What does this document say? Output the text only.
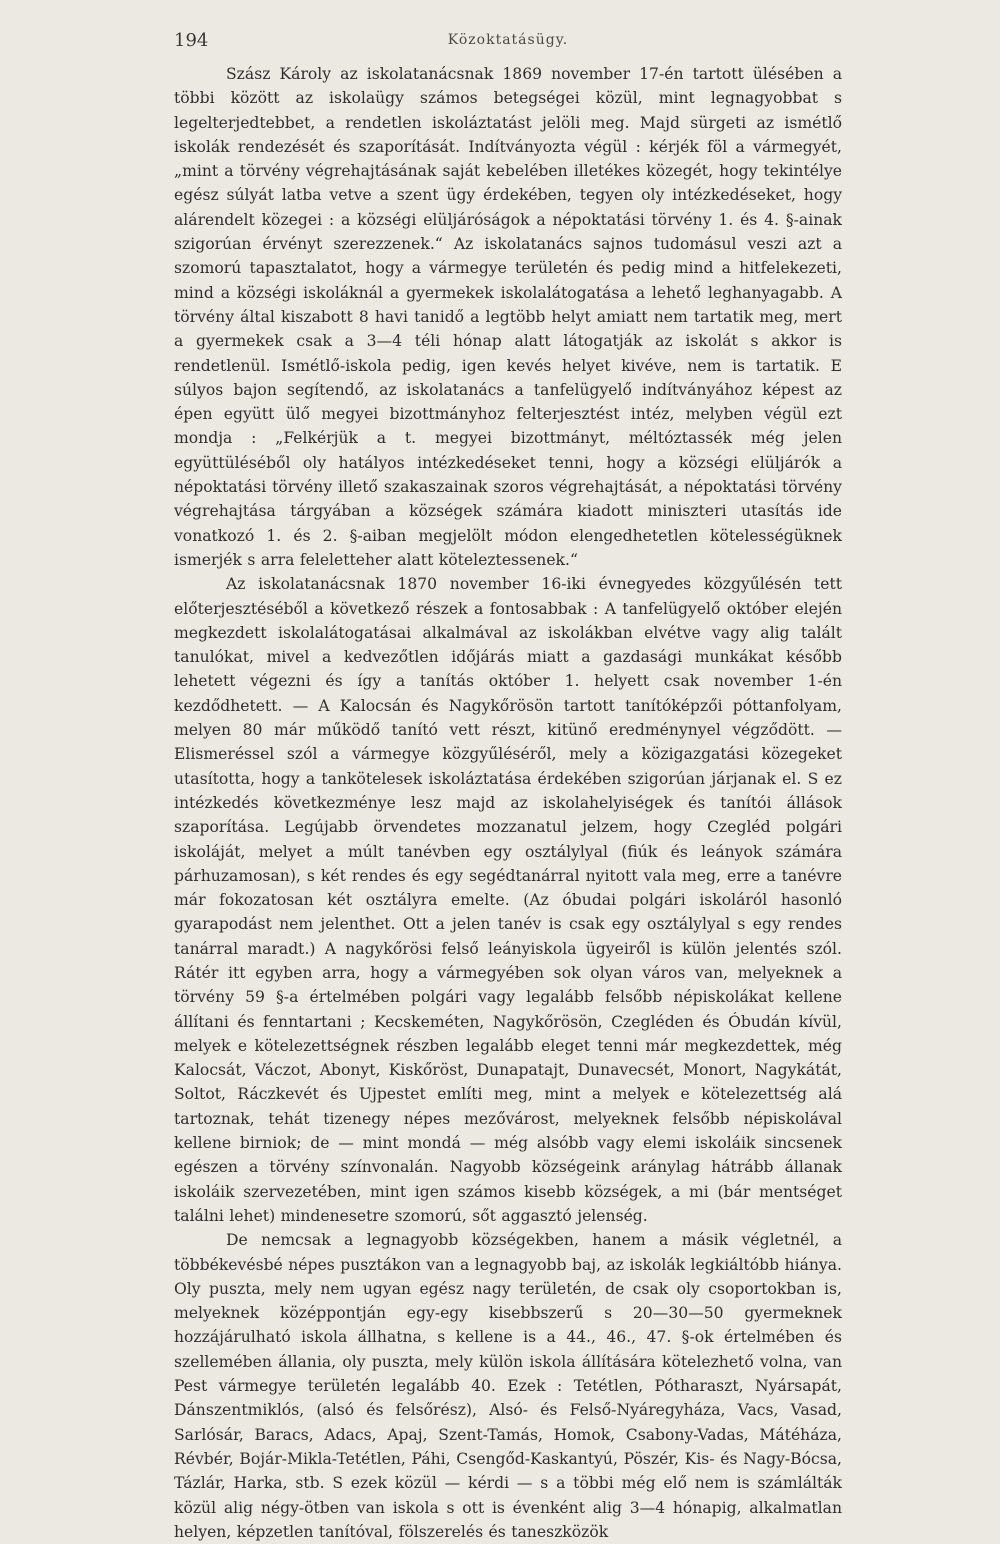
194	Közoktatásügy.

Szász Károly az iskolatanácsnak 1869 november 17-én tartott ülésében a többi között az iskolaügy számos betegségei közül, mint legnagyobbat s legelterjedtebbet, a rendetlen iskoláztatást jelöli meg. Majd sürgeti az ismétlő iskolák rendezését és szaporítását. Indítványozta végül : kérjék föl a vármegyét, „mint a törvény végrehajtásának saját kebelében illetékes közegét, hogy tekintélye egész súlyát latba vetve a szent ügy érdekében, tegyen oly intézkedéseket, hogy alárendelt közegei : a községi elüljáróságok a népoktatási törvény 1. és 4. §-ainak szigorúan érvényt szerezzenek.“ Az iskolatanács sajnos tudomásul veszi azt a szomorú tapasztalatot, hogy a vármegye területén és pedig mind a hitfelekezeti, mind a községi iskoláknál a gyermekek iskolalátogatása a lehető leghanyagabb. A törvény által kiszabott 8 havi tanidő a legtöbb helyt amiatt nem tartatik meg, mert a gyermekek csak a 3—4 téli hónap alatt látogatják az iskolát s akkor is rendetlenül. Ismétlő-iskola pedig, igen kevés helyet kivéve, nem is tartatik. E súlyos bajon segítendő, az iskolatanács a tanfelügyelő indítványához képest az épen együtt ülő megyei bizottmányhoz felterjesztést intéz, melyben végül ezt mondja : „Felkérjük a t. megyei bizottmányt, méltóztassék még jelen együttüléséből oly hatályos intézkedéseket tenni, hogy a községi elüljárók a népoktatási törvény illető szakaszainak szoros végrehajtását, a népoktatási törvény végrehajtása tárgyában a községek számára kiadott miniszteri utasítás ide vonatkozó 1. és 2. §-aiban megjelölt módon elengedhetetlen kötelességüknek ismerjék s arra feleletteher alatt köteleztessenek.“

Az iskolatanácsnak 1870 november 16-iki évnegyedes közgyűlésén tett előterjesztéséből a következő részek a fontosabbak : A tanfelügyelő október elején megkezdett iskolalátogatásai alkalmával az iskolákban elvétve vagy alig talált tanulókat, mivel a kedvezőtlen időjárás miatt a gazdasági munkákat később lehetett végezni és így a tanítás október 1. helyett csak november 1-én kezdődhetett. — A Kalocsán és Nagykőrösön tartott tanítóképzői póttanfolyam, melyen 80 már működő tanító vett részt, kitünő eredménynyel végződött. — Elismeréssel szól a vármegye közgyűléséről, mely a közigazgatási közegeket utasította, hogy a tankötelesek iskoláztatása érdekében szigorúan járjanak el. S ez intézkedés következménye lesz majd az iskolahelyiségek és tanítói állások szaporítása. Legújabb örvendetes mozzanatul jelzem, hogy Czegléd polgári iskoláját, melyet a múlt tanévben egy osztálylyal (fiúk és leányok számára párhuzamosan), s két rendes és egy segédtanárral nyitott vala meg, erre a tanévre már fokozatosan két osztályra emelte. (Az óbudai polgári iskoláról hasonló gyarapodást nem jelenthet. Ott a jelen tanév is csak egy osztálylyal s egy rendes tanárral maradt.) A nagykőrösi felső leányiskola ügyeiről is külön jelentés szól. Rátér itt egyben arra, hogy a vármegyében sok olyan város van, melyeknek a törvény 59 §-a értelmében polgári vagy legalább felsőbb népiskolákat kellene állítani és fenntartani ; Kecskeméten, Nagykőrösön, Czegléden és Óbudán kívül, melyek e kötelezettségnek részben legalább eleget tenni már megkezdettek, még Kalocsát, Váczot, Abonyt, Kiskőröst, Dunapatajt, Dunavecsét, Monort, Nagykátát, Soltot, Ráczkevét és Ujpestet említi meg, mint a melyek e kötelezettség alá tartoznak, tehát tizenegy népes mezővárost, melyeknek felsőbb népiskolával kellene birniok; de — mint mondá — még alsóbb vagy elemi iskoláik sincsenek egészen a törvény színvonalán. Nagyobb községeink aránylag hátrább állanak iskoláik szervezetében, mint igen számos kisebb községek, a mi (bár mentséget találni lehet) mindenesetre szomorú, sőt aggasztó jelenség.

De nemcsak a legnagyobb községekben, hanem a másik végletnél, a többékevésbé népes pusztákon van a legnagyobb baj, az iskolák legkiáltóbb hiánya. Oly puszta, mely nem ugyan egész nagy területén, de csak oly csoportokban is, melyeknek középpontján egy-egy kisebbszerű s 20—30—50 gyermeknek hozzájárulható iskola állhatna, s kellene is a 44., 46., 47. §-ok értelmében és szellemében állania, oly puszta, mely külön iskola állítására kötelezhető volna, van Pest vármegye területén legalább 40. Ezek : Tetétlen, Pótharaszt, Nyársapát, Dánszentmiklós, (alsó és felsőrész), Alsó- és Felső-Nyáregyháza, Vacs, Vasad, Sarlósár, Baracs, Adacs, Apaj, Szent-Tamás, Homok, Csabony-Vadas, Mátéháza, Révbér, Bojár-Mikla-Tetétlen, Páhi, Csengőd-Kaskantyú, Pöszér, Kis- és Nagy-Bócsa, Tázlár, Harka, stb. S ezek közül — kérdi — s a többi még elő nem is számlálták közül alig négy-ötben van iskola s ott is évenként alig 3—4 hónapig, alkalmatlan helyen, képzetlen tanítóval, fölszerelés és taneszközök
